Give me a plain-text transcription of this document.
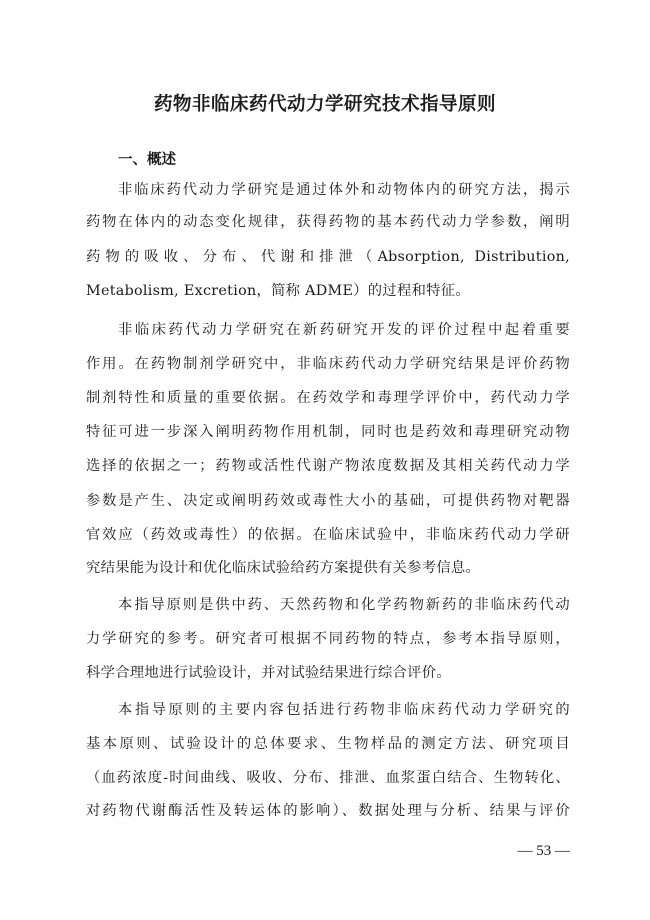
药物非临床药代动力学研究技术指导原则
一、概述
非临床药代动力学研究是通过体外和动物体内的研究方法，揭示
药物在体内的动态变化规律，获得药物的基本药代动力学参数，阐明
药物的吸收、分布、代谢和排泄（Absorption, Distribution,
Metabolism, Excretion，简称 ADME）的过程和特征。
非临床药代动力学研究在新药研究开发的评价过程中起着重要
作用。在药物制剂学研究中，非临床药代动力学研究结果是评价药物
制剂特性和质量的重要依据。在药效学和毒理学评价中，药代动力学
特征可进一步深入阐明药物作用机制，同时也是药效和毒理研究动物
选择的依据之一；药物或活性代谢产物浓度数据及其相关药代动力学
参数是产生、决定或阐明药效或毒性大小的基础，可提供药物对靶器
官效应（药效或毒性）的依据。在临床试验中，非临床药代动力学研
究结果能为设计和优化临床试验给药方案提供有关参考信息。
本指导原则是供中药、天然药物和化学药物新药的非临床药代动
力学研究的参考。研究者可根据不同药物的特点，参考本指导原则，
科学合理地进行试验设计，并对试验结果进行综合评价。
本指导原则的主要内容包括进行药物非临床药代动力学研究的
基本原则、试验设计的总体要求、生物样品的测定方法、研究项目
（血药浓度-时间曲线、吸收、分布、排泄、血浆蛋白结合、生物转化、
对药物代谢酶活性及转运体的影响）、数据处理与分析、结果与评价
— 53 —
